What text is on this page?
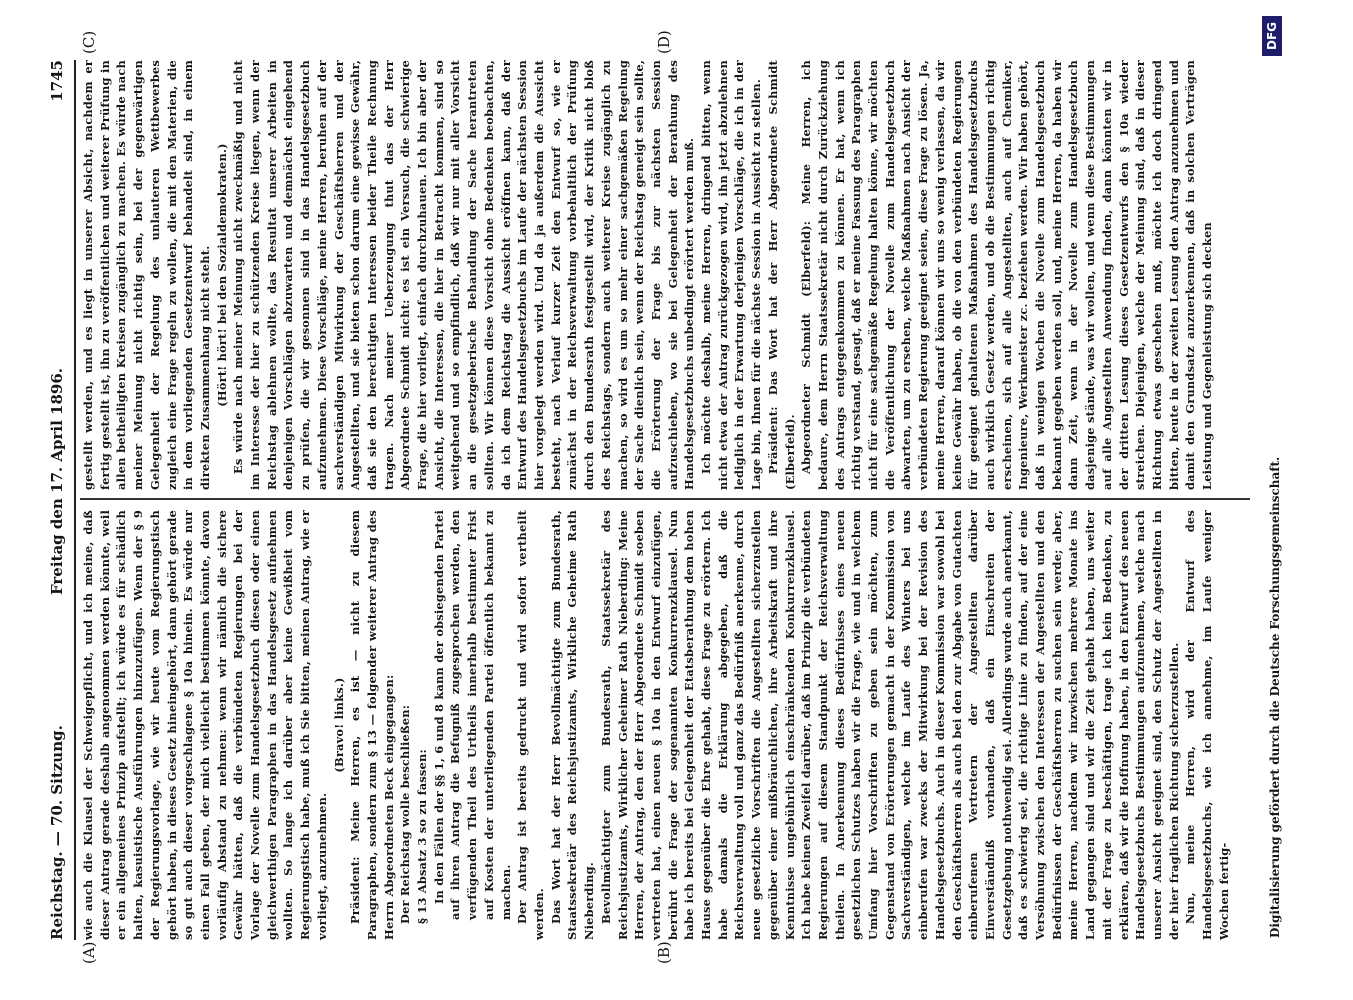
Reichstag. — 70. Sitzung.
Freitag den 17. April 1896.
1745
(A)	(B)
(C)	(D)

wie auch die Klausel der Schweigepflicht, und ich meine, daß dieser Antrag gerade deshalb angenommen werden könnte, weil er ein allgemeines Prinzip aufstellt; ich würde es für schädlich halten, kasuistische Ausführungen hinzuzufügen. Wenn der § 9 der Regierungsvorlage, wie wir heute vom Regierungstisch gehört haben, in dieses Gesetz hineingehört, dann gehört gerade so gut auch dieser vorgeschlagene § 10a hinein. Es würde nur einen Fall geben, der mich vielleicht bestimmen könnte, davon vorläufig Abstand zu nehmen: wenn wir nämlich die sichere Gewähr hätten, daß die verbündeten Regierungen bei der Vorlage der Novelle zum Handelsgesetzbuch diesen oder einen gleichwerthigen Paragraphen in das Handelsgesetz aufnehmen wollten. So lange ich darüber aber keine Gewißheit vom Regierungstisch habe, muß ich Sie bitten, meinen Antrag, wie er vorliegt, anzunehmen.

(Bravo! links.) Präsident: Meine Herren, es ist — nicht zu diesem Paragraphen, sondern zum § 13 — folgender weiterer Antrag des Herrn Abgeordneten Beck eingegangen: Der Reichstag wolle beschließen: § 13 Absatz 3 so zu fassen: In den Fällen der §§ 1, 6 und 8 kann der obsiegenden Partei auf ihren Antrag die Befugniß zugesprochen werden, den verfügenden Theil des Urtheils innerhalb bestimmter Frist auf Kosten der unterliegenden Partei öffentlich bekannt zu machen. Der Antrag ist bereits gedruckt und wird sofort vertheilt werden. Das Wort hat der Herr Bevollmächtigte zum Bundesrath, Staatssekretär des Reichsjustizamts, Wirkliche Geheime Rath Nieberding. Bevollmächtigter zum Bundesrath, Staatssekretär des Reichsjustizamts, Wirklicher Geheimer Rath Nieberding: Meine Herren, der Antrag, den der Herr Abgeordnete Schmidt soeben vertreten hat, einen neuen § 10a in den Entwurf einzufügen, berührt die Frage der sogenannten Konkurrenzklausel. Nun habe ich bereits bei Gelegenheit der Etatsberathung dem hohen Hause gegenüber die Ehre gehabt, diese Frage zu erörtern. Ich habe damals die Erklärung abgegeben, daß die Reichsverwaltung voll und ganz das Bedürfniß anerkenne, durch neue gesetzliche Vorschriften die Angestellten sicherzustellen gegenüber einer mißbräuchlichen, ihre Arbeitskraft und ihre Kenntnisse ungebührlich einschränkenden Konkurrenzklausel. Ich habe keinen Zweifel darüber, daß im Prinzip die verbündeten Regierungen auf diesem Standpunkt der Reichsverwaltung theilen. In Anerkennung dieses Bedürfnisses eines neuen gesetzlichen Schutzes haben wir die Frage, wie und in welchem Umfang hier Vorschriften zu geben sein möchten, zum Gegenstand von Erörterungen gemacht in der Kommission von Sachverständigen, welche im Laufe des Winters bei uns einberufen war zwecks der Mitwirkung bei der Revision des Handelsgesetzbuchs. Auch in dieser Kommission war sowohl bei den Geschäftsherren als auch bei den zur Abgabe von Gutachten einberufenen Vertretern der Angestellten darüber Einverständniß vorhanden, daß ein Einschreiten der Gesetzgebung nothwendig sei. Allerdings wurde auch anerkannt, daß es schwierig sei, die richtige Linie zu finden, auf der eine Versöhnung zwischen den Interessen der Angestellten und den Bedürfnissen der Geschäftsherren zu suchen sein werde; aber, meine Herren, nachdem wir inzwischen mehrere Monate ins Land gegangen sind und wir die Zeit gehabt haben, uns weiter mit der Frage zu beschäftigen, trage ich kein Bedenken, zu erklären, daß wir die Hoffnung haben, in den Entwurf des neuen Handelsgesetzbuchs Bestimmungen aufzunehmen, welche nach unserer Ansicht geeignet sind, den Schutz der Angestellten in der hier fraglichen Richtung sicherzustellen. Nun, meine Herren, wird der Entwurf des Handelsgesetzbuchs, wie ich annehme, im Laufe weniger Wochen fertig-

gestellt werden, und es liegt in unserer Absicht, nachdem er fertig gestellt ist, ihn zu veröffentlichen und weiterer Prüfung in allen betheiligten Kreisen zugänglich zu machen. Es würde nach meiner Meinung nicht richtig sein, bei der gegenwärtigen Gelegenheit der Regelung des unlauteren Wettbewerbes zugleich eine Frage regeln zu wollen, die mit den Materien, die in dem vorliegenden Gesetzentwurf behandelt sind, in einem direkten Zusammenhang nicht steht. (Hört! hört! bei den Sozialdemokraten.) Es würde nach meiner Meinung nicht zweckmäßig und nicht im Interesse der hier zu schützenden Kreise liegen, wenn der Reichstag ablehnen wollte, das Resultat unserer Arbeiten in denjenigen Vorschlägen abzuwarten und demnächst eingehend zu prüfen, die wir gesonnen sind in das Handelsgesetzbuch aufzunehmen. Diese Vorschläge, meine Herren, beruhen auf der sachverständigen Mitwirkung der Geschäftsherren und der Angestellten, und sie bieten schon darum eine gewisse Gewähr, daß sie den berechtigten Interessen beider Theile Rechnung tragen. Nach meiner Ueberzeugung thut das der Herr Abgeordnete Schmidt nicht: es ist ein Versuch, die schwierige Frage, die hier vorliegt, einfach durchzuhauen. Ich bin aber der Ansicht, die Interessen, die hier in Betracht kommen, sind so weitgehend und so empfindlich, daß wir nur mit aller Vorsicht an die gesetzgeberische Behandlung der Sache herantreten sollten. Wir können diese Vorsicht ohne Bedenken beobachten, da ich dem Reichstag die Aussicht eröffnen kann, daß der Entwurf des Handelsgesetzbuchs im Laufe der nächsten Session hier vorgelegt werden wird. Und da ja außerdem die Aussicht besteht, nach Verlauf kurzer Zeit den Entwurf so, wie er zunächst in der Reichsverwaltung vorbehaltlich der Prüfung durch den Bundesrath festgestellt wird, der Kritik nicht bloß des Reichstags, sondern auch weiterer Kreise zugänglich zu machen, so wird es um so mehr einer sachgemäßen Regelung der Sache dienlich sein, wenn der Reichstag geneigt sein sollte, die Erörterung der Frage bis zur nächsten Session aufzuschieben, wo sie bei Gelegenheit der Berathung des Handelsgesetzbuchs unbedingt erörtert werden muß. Ich möchte deshalb, meine Herren, dringend bitten, wenn nicht etwa der Antrag zurückgezogen wird, ihn jetzt abzulehnen lediglich in der Erwartung derjenigen Vorschläge, die ich in der Lage bin, Ihnen für die nächste Session in Aussicht zu stellen. Präsident: Das Wort hat der Herr Abgeordnete Schmidt (Elberfeld). Abgeordneter Schmidt (Elberfeld): Meine Herren, ich bedaure, dem Herrn Staatssekretär nicht durch Zurückziehung des Antrags entgegenkommen zu können. Er hat, wenn ich richtig verstand, gesagt, daß er meine Fassung des Paragraphen nicht für eine sachgemäße Regelung halten könne, wir möchten die Veröffentlichung der Novelle zum Handelsgesetzbuch abwarten, um zu ersehen, welche Maßnahmen nach Ansicht der verbündeten Regierung geeignet seien, diese Frage zu lösen. Ja, meine Herren, darauf können wir uns so wenig verlassen, da wir keine Gewähr haben, ob die von den verbündeten Regierungen für geeignet gehaltenen Maßnahmen des Handelsgesetzbuchs auch wirklich Gesetz werden, und ob die Bestimmungen richtig erscheinen, sich auf alle Angestellten, auch auf Chemiker, Ingenieure, Werkmeister zc. beziehen werden. Wir haben gehört, daß in wenigen Wochen die Novelle zum Handelsgesetzbuch bekannt gegeben werden soll, und, meine Herren, da haben wir dann Zeit, wenn in der Novelle zum Handelsgesetzbuch dasjenige stände, was wir wollen, und wenn diese Bestimmungen auf alle Angestellten Anwendung finden, dann könnten wir in der dritten Lesung dieses Gesetzentwurfs den § 10a wieder streichen. Diejenigen, welche der Meinung sind, daß in dieser Richtung etwas geschehen muß, möchte ich doch dringend bitten, heute in der zweiten Lesung den Antrag anzunehmen und damit den Grundsatz anzuerkennen, daß in solchen Verträgen Leistung und Gegenleistung sich decken

Digitalisierung gefördert durch die Deutsche Forschungsgemeinschaft.
DFG
